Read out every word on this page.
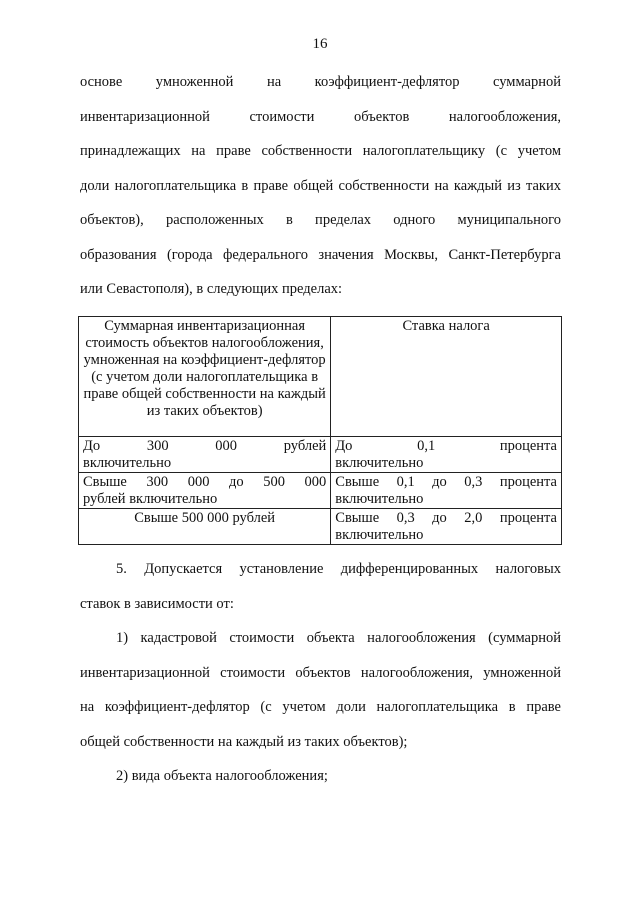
16
основе умноженной на коэффициент-дефлятор суммарной
инвентаризационной стоимости объектов налогообложения,
принадлежащих на праве собственности налогоплательщику (с учетом
доли налогоплательщика в праве общей собственности на каждый из таких
объектов), расположенных в пределах одного муниципального
образования (города федерального значения Москвы, Санкт-Петербурга
или Севастополя), в следующих пределах:
Суммарная инвентаризационная стоимость объектов налогообложения, умноженная на коэффициент-дефлятор (с учетом доли налогоплательщика в праве общей собственности на каждый из таких объектов)	Ставка налога

До 300 000 рублей
включительно	До 0,1 процента
включительно

Свыше 300 000 до 500 000
рублей включительно	Свыше 0,1 до 0,3 процента
включительно

Свыше 500 000 рублей	Свыше 0,3 до 2,0 процента
включительно
5. Допускается установление дифференцированных налоговых
ставок в зависимости от:
1) кадастровой стоимости объекта налогообложения (суммарной
инвентаризационной стоимости объектов налогообложения, умноженной
на коэффициент-дефлятор (с учетом доли налогоплательщика в праве
общей собственности на каждый из таких объектов);
2) вида объекта налогообложения;
